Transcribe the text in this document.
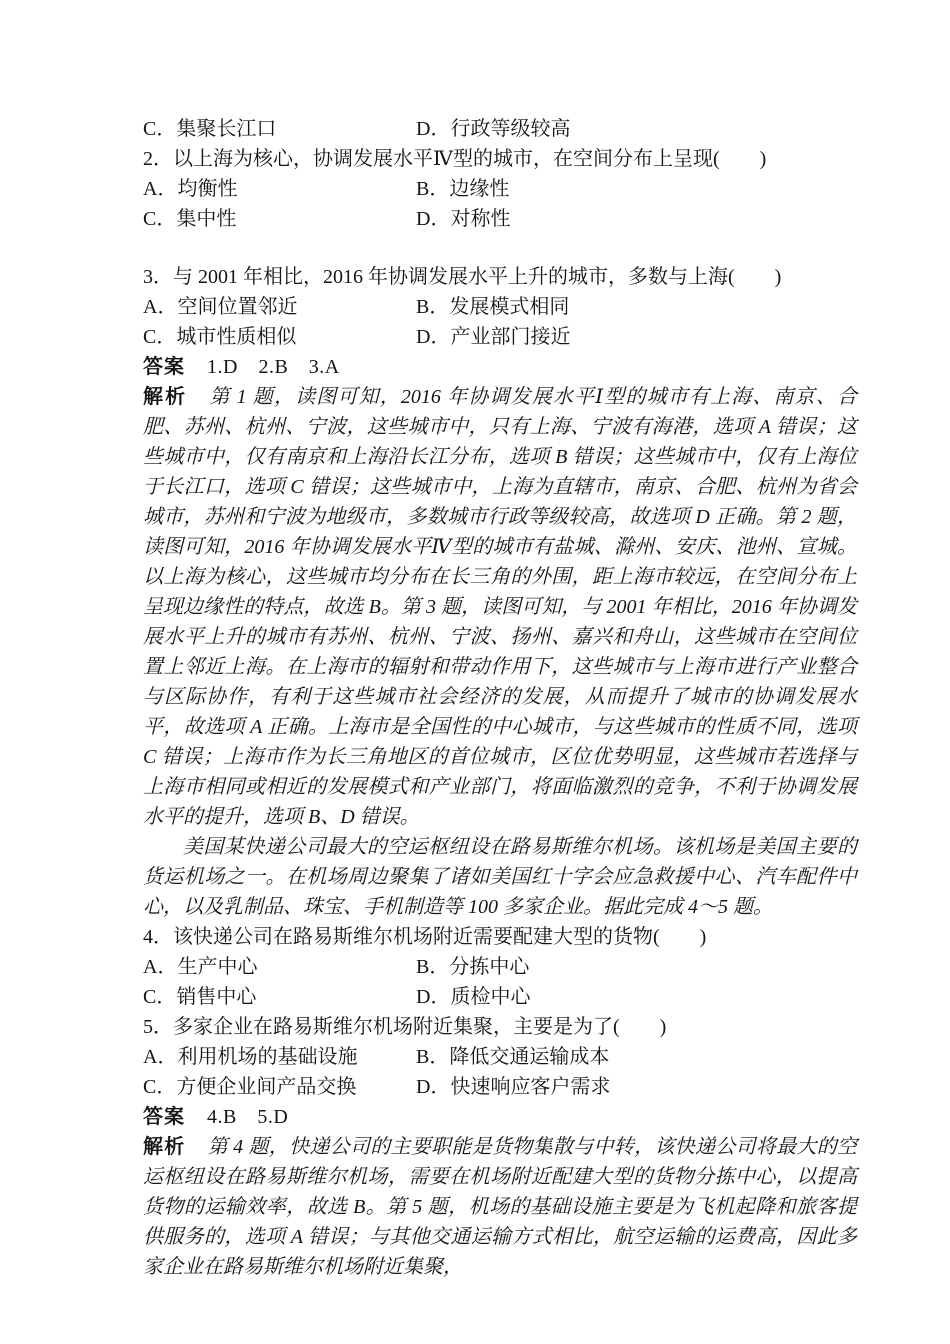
C．集聚长江口	D．行政等级较高
2．以上海为核心，协调发展水平Ⅳ型的城市，在空间分布上呈现(　　)
A．均衡性	B．边缘性
C．集中性	D．对称性
3．与 2001 年相比，2016 年协调发展水平上升的城市，多数与上海(　　)
A．空间位置邻近	B．发展模式相同
C．城市性质相似	D．产业部门接近
答案 1.D　2.B　3.A
解析 第 1 题，读图可知，2016 年协调发展水平Ⅰ型的城市有上海、南京、合肥、苏州、杭州、宁波，这些城市中，只有上海、宁波有海港，选项 A 错误；这些城市中，仅有南京和上海沿长江分布，选项 B 错误；这些城市中，仅有上海位于长江口，选项 C 错误；这些城市中，上海为直辖市，南京、合肥、杭州为省会城市，苏州和宁波为地级市，多数城市行政等级较高，故选项 D 正确。第 2 题，读图可知，2016 年协调发展水平Ⅳ型的城市有盐城、滁州、安庆、池州、宣城。以上海为核心，这些城市均分布在长三角的外围，距上海市较远，在空间分布上呈现边缘性的特点，故选 B。第 3 题，读图可知，与 2001 年相比，2016 年协调发展水平上升的城市有苏州、杭州、宁波、扬州、嘉兴和舟山，这些城市在空间位置上邻近上海。在上海市的辐射和带动作用下，这些城市与上海市进行产业整合与区际协作，有利于这些城市社会经济的发展，从而提升了城市的协调发展水平，故选项 A 正确。上海市是全国性的中心城市，与这些城市的性质不同，选项 C 错误；上海市作为长三角地区的首位城市，区位优势明显，这些城市若选择与上海市相同或相近的发展模式和产业部门，将面临激烈的竞争，不利于协调发展水平的提升，选项 B、D 错误。
美国某快递公司最大的空运枢纽设在路易斯维尔机场。该机场是美国主要的货运机场之一。在机场周边聚集了诸如美国红十字会应急救援中心、汽车配件中心，以及乳制品、珠宝、手机制造等 100 多家企业。据此完成 4～5 题。
4．该快递公司在路易斯维尔机场附近需要配建大型的货物(　　)
A．生产中心	B．分拣中心
C．销售中心	D．质检中心
5．多家企业在路易斯维尔机场附近集聚，主要是为了(　　)
A．利用机场的基础设施	B．降低交通运输成本
C．方便企业间产品交换	D．快速响应客户需求
答案 4.B　5.D
解析 第 4 题，快递公司的主要职能是货物集散与中转，该快递公司将最大的空运枢纽设在路易斯维尔机场，需要在机场附近配建大型的货物分拣中心，以提高货物的运输效率，故选 B。第 5 题，机场的基础设施主要是为飞机起降和旅客提供服务的，选项 A 错误；与其他交通运输方式相比，航空运输的运费高，因此多家企业在路易斯维尔机场附近集聚，
